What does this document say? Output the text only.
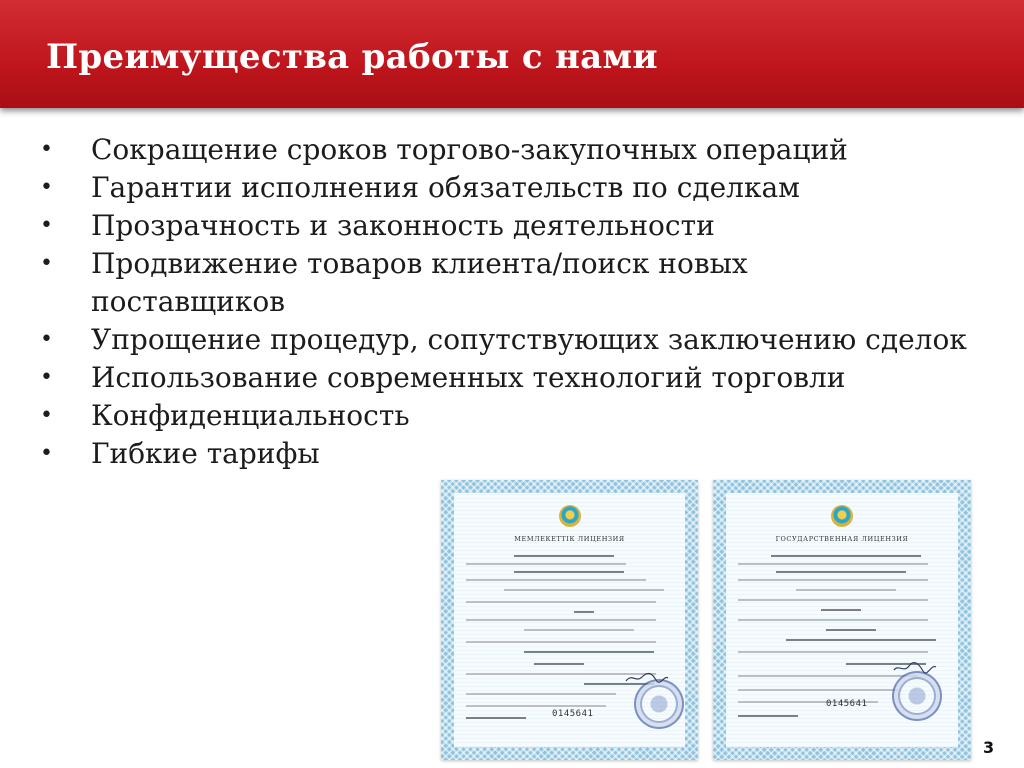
Преимущества работы с нами
• Сокращение сроков торгово-закупочных операций
• Гарантии исполнения обязательств по сделкам
• Прозрачность и законность деятельности
• Продвижение товаров клиента/поиск новых поставщиков
• Упрощение процедур, сопутствующих заключению сделок
• Использование современных технологий торговли
• Конфиденциальность
• Гибкие тарифы
МЕМЛЕКЕТТІК ЛИЦЕНЗИЯ
0145641
ГОСУДАРСТВЕННАЯ ЛИЦЕНЗИЯ
0145641
3
